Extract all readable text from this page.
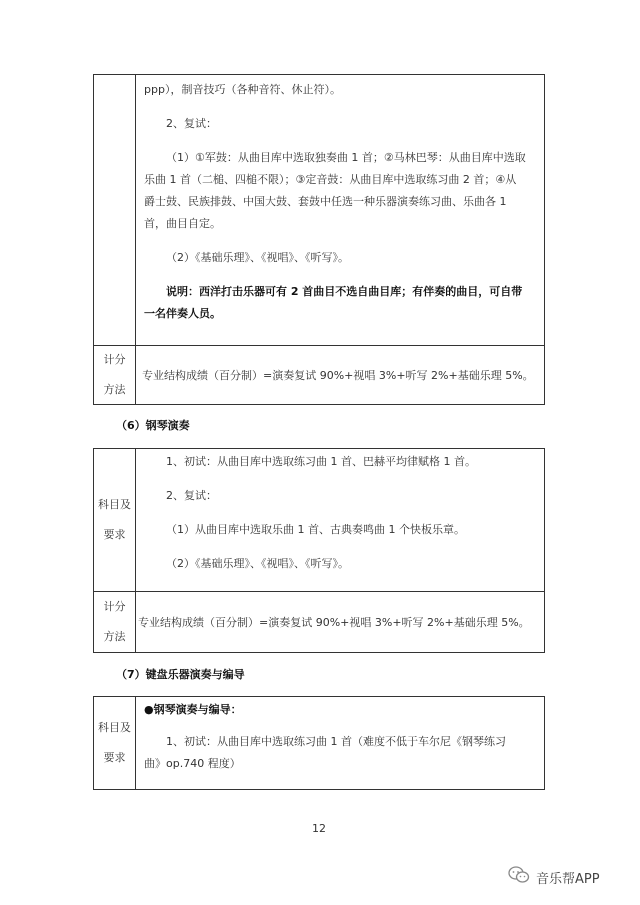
ppp），制音技巧（各种音符、休止符）。

2、复试：

（1）①军鼓：从曲目库中选取独奏曲 1 首；②马林巴琴：从曲目库中选取

乐曲 1 首（二槌、四槌不限）；③定音鼓：从曲目库中选取练习曲 2 首；④从

爵士鼓、民族排鼓、中国大鼓、套鼓中任选一种乐器演奏练习曲、乐曲各 1

首，曲目自定。

（2）《基础乐理》、《视唱》、《听写》。

说明：西洋打击乐器可有 2 首曲目不选自曲目库；有伴奏的曲目，可自带

一名伴奏人员。

计分
方法
专业结构成绩（百分制）=演奏复试 90%+视唱 3%+听写 2%+基础乐理 5%。
（6）钢琴演奏
科目及
要求

1、初试：从曲目库中选取练习曲 1 首、巴赫平均律赋格 1 首。

2、复试：

（1）从曲目库中选取乐曲 1 首、古典奏鸣曲 1 个快板乐章。

（2）《基础乐理》、《视唱》、《听写》。

计分
方法
专业结构成绩（百分制）=演奏复试 90%+视唱 3%+听写 2%+基础乐理 5%。
（7）键盘乐器演奏与编导
科目及
要求

●钢琴演奏与编导：

1、初试：从曲目库中选取练习曲 1 首（难度不低于车尔尼《钢琴练习

曲》op.740 程度）

12
音乐帮APP
